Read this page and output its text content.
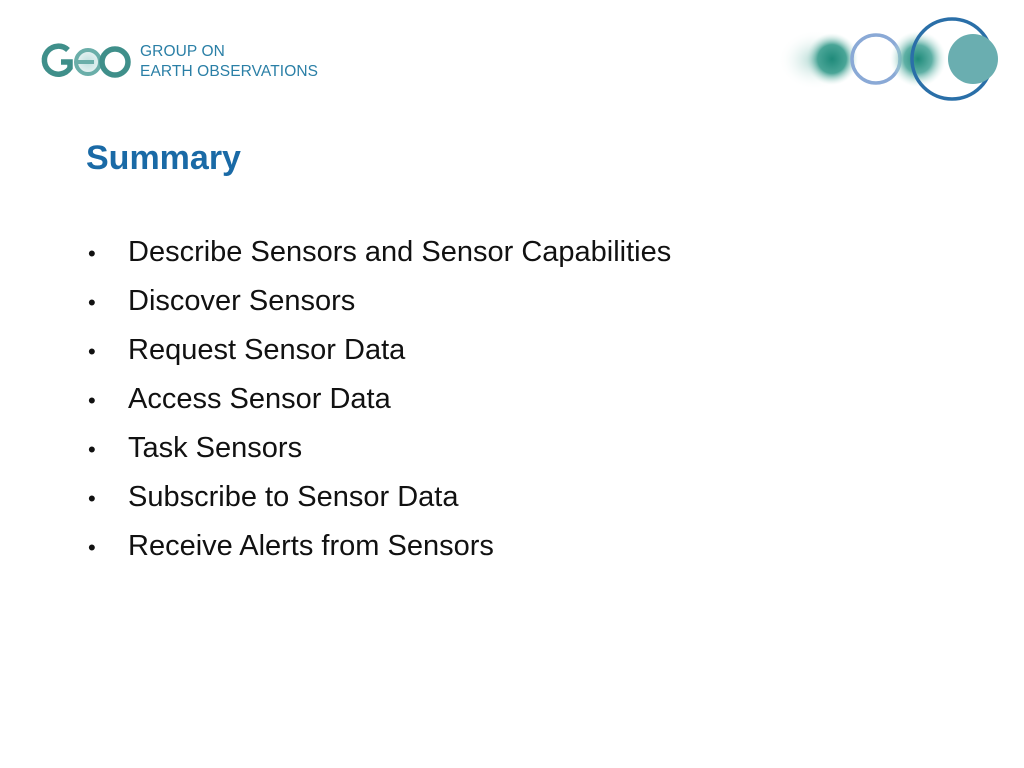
GROUP ON
EARTH OBSERVATIONS
Summary
•	Describe Sensors and Sensor Capabilities
•	Discover Sensors
•	Request Sensor Data
•	Access Sensor Data
•	Task Sensors
•	Subscribe to Sensor Data
•	Receive Alerts from Sensors
